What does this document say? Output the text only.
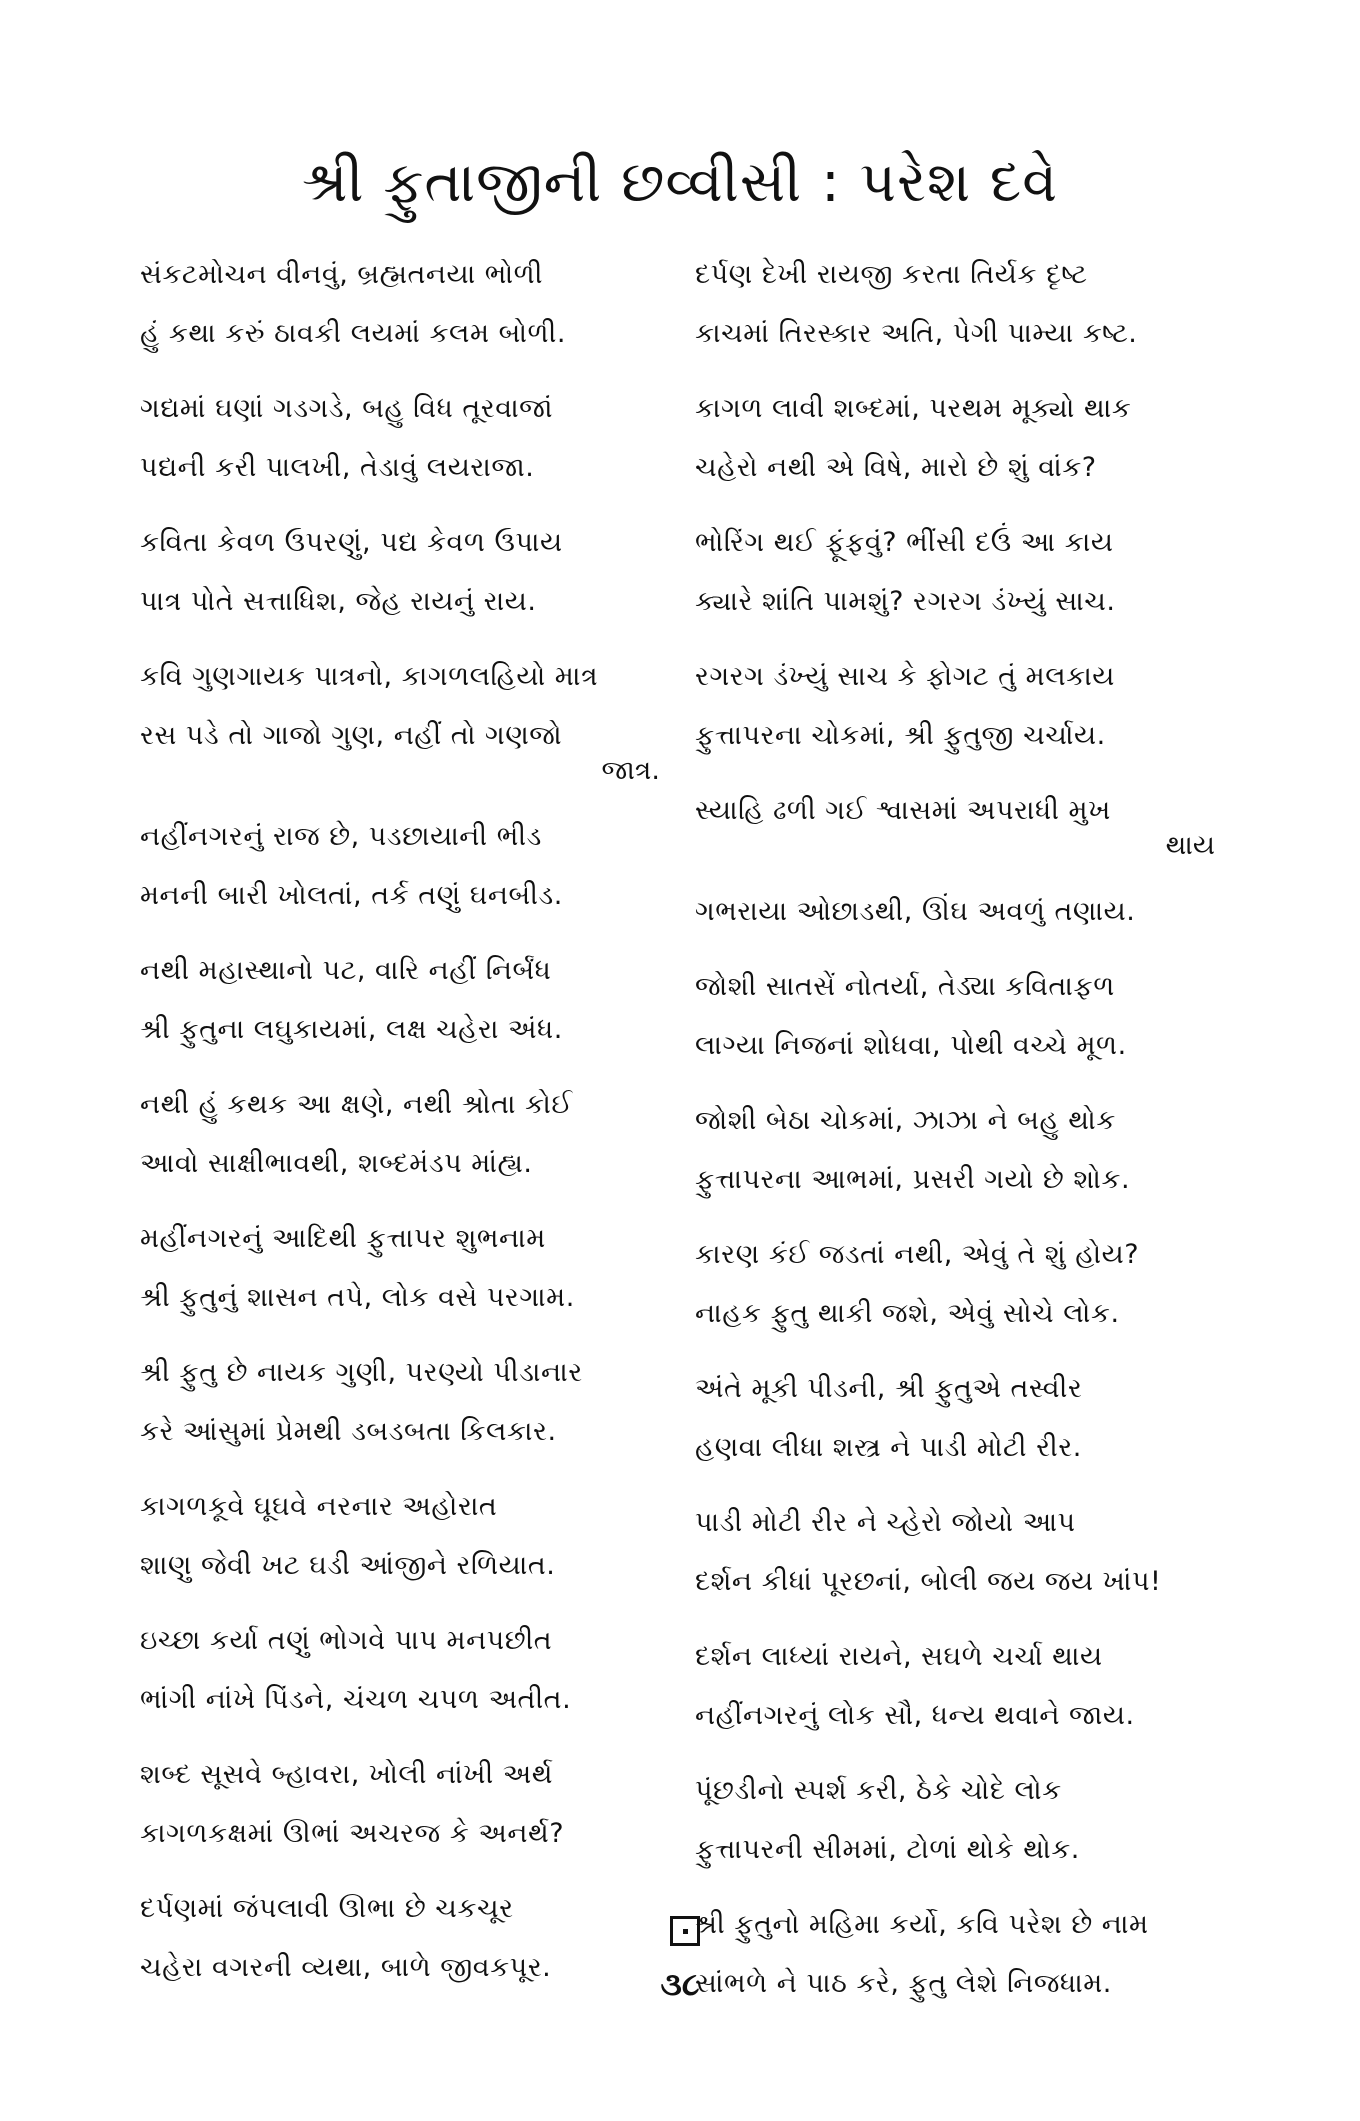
શ્રી ફુતાજીની છવ્વીસી : પરેશ દવે
સંકટમોચન વીનવું, બ્રહ્મતનયા ભોળી
હું કથા કરું ઠાવકી લયમાં કલમ બોળી.
ગદ્યમાં ઘણાં ગડગડે, બહુ વિધ તૂરવાજાં
પદ્યની કરી પાલખી, તેડાવું લયરાજા.
કવિતા કેવળ ઉપરણું, પદ્ય કેવળ ઉપાય
પાત્ર પોતે સત્તાધિશ, જેહ રાયનું રાય.
કવિ ગુણગાયક પાત્રનો, કાગળલહિયો માત્ર
રસ પડે તો ગાજો ગુણ, નહીં તો ગણજો
જાત્ર.
નહીંનગરનું રાજ છે, પડછાયાની ભીડ
મનની બારી ખોલતાં, તર્ક તણું ઘનબીડ.
નથી મહાસ્થાનો પટ, વારિ નહીં નિર્બંધ
શ્રી ફુતુના લઘુકાયમાં, લક્ષ ચહેરા અંધ.
નથી હું કથક આ ક્ષણે, નથી શ્રોતા કોઈ
આવો સાક્ષીભાવથી, શબ્દમંડપ માંહ્ય.
મહીંનગરનું આદિથી ફુત્તાપર શુભનામ
શ્રી ફુતુનું શાસન તપે, લોક વસે પરગામ.
શ્રી ફુતુ છે નાયક ગુણી, પરણ્યો પીડાનાર
કરે આંસુમાં પ્રેમથી ડબડબતા કિલકાર.
કાગળકૂવે ઘૂઘવે નરનાર અહોરાત
શાણુ જેવી ખટ ઘડી આંજીને રળિયાત.
ઇચ્છા કર્યા તણું ભોગવે પાપ મનપછીત
ભાંગી નાંખે પિંડને, ચંચળ ચપળ અતીત.
શબ્દ સૂસવે બ્હાવરા, ખોલી નાંખી અર્થ
કાગળકક્ષમાં ઊભાં અચરજ કે અનર્થ?
દર્પણમાં જંપલાવી ઊભા છે ચકચૂર
ચહેરા વગરની વ્યથા, બાળે જીવકપૂર.
દર્પણ દેખી રાયજી કરતા તિર્યક દૃષ્ટ
કાચમાં તિરસ્કાર અતિ, પેગી પામ્યા કષ્ટ.
કાગળ લાવી શબ્દમાં, પરથમ મૂક્યો થાક
ચહેરો નથી એ વિષે, મારો છે શું વાંક?
ભોરિંગ થઈ ફૂંફવું? ભીંસી દઉં આ કાય
ક્યારે શાંતિ પામશું? રગરગ ડંખ્યું સાચ.
રગરગ ડંખ્યું સાચ કે ફોગટ તું મલકાય
ફુત્તાપરના ચોકમાં, શ્રી ફુતુજી ચર્ચાય.
સ્યાહિ ઢળી ગઈ શ્વાસમાં અપરાધી મુખ
થાય
ગભરાયા ઓછાડથી, ઊંઘ અવળું તણાય.
જોશી સાતસેં નોતર્યા, તેડ્યા કવિતાફળ
લાગ્યા નિજનાં શોધવા, પોથી વચ્ચે મૂળ.
જોશી બેઠા ચોકમાં, ઝાઝા ને બહુ થોક
ફુત્તાપરના આભમાં, પ્રસરી ગયો છે શોક.
કારણ કંઈ જડતાં નથી, એવું તે શું હોય?
નાહક ફુતુ થાકી જશે, એવું સોચે લોક.
અંતે મૂકી પીડની, શ્રી ફુતુએ તસ્વીર
હણવા લીધા શસ્ત્ર ને પાડી મોટી રીર.
પાડી મોટી રીર ને ચ્હેરો જોયો આપ
દર્શન કીધાં પૂરછનાં, બોલી જય જય ખાંપ!
દર્શન લાધ્યાં રાયને, સઘળે ચર્ચા થાય
નહીંનગરનું લોક સૌ, ધન્ય થવાને જાય.
પૂંછડીનો સ્પર્શ કરી, ઠેકે ચોદે લોક
ફુત્તાપરની સીમમાં, ટોળાં થોકે થોક.
શ્રી ફુતુનો મહિમા કર્યો, કવિ પરેશ છે નામ
સાંભળે ને પાઠ કરે, ફુતુ લેશે નિજધામ.
૩૮
